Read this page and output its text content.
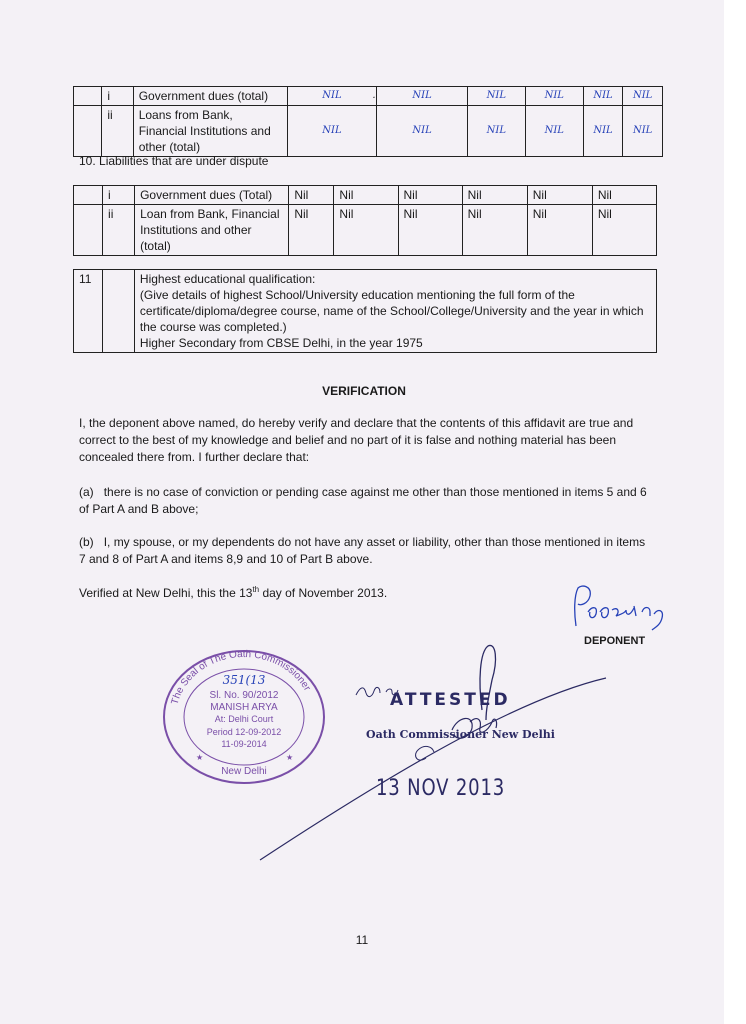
	i	Government dues (total)	NIL	. NIL	NIL	NIL	NIL	NIL
	ii	Loans from Bank, Financial Institutions and other (total)	NIL	NIL	NIL	NIL	NIL	NIL
10. Liabilities that are under dispute
	i	Government dues (Total)	Nil	Nil	Nil	Nil	Nil	Nil
	ii	Loan from Bank, Financial Institutions and other (total)	Nil	Nil	Nil	Nil	Nil	Nil
11		Highest educational qualification:
(Give details of highest School/University education mentioning the full form of the certificate/diploma/degree course, name of the School/College/University and the year in which the course was completed.)
Higher Secondary from CBSE Delhi, in the year 1975
VERIFICATION
I, the deponent above named, do hereby verify and declare that the contents of this affidavit are true and correct to the best of my knowledge and belief and no part of it is false and nothing material has been concealed there from. I further declare that:
(a) there is no case of conviction or pending case against me other than those mentioned in items 5 and 6 of Part A and B above;
(b) I, my spouse, or my dependents do not have any asset or liability, other than those mentioned in items 7 and 8 of Part A and items 8,9 and 10 of Part B above.
Verified at New Delhi, this the 13th day of November 2013.
DEPONENT
The Seal of The Oath Commissioner
351(13
Sl. No. 90/2012
MANISH ARYA
At: Delhi Court
Period 12-09-2012
11-09-2014
New Delhi
★	★
ATTESTED
Oath Commissioner New Delhi
13 NOV 2013
11
